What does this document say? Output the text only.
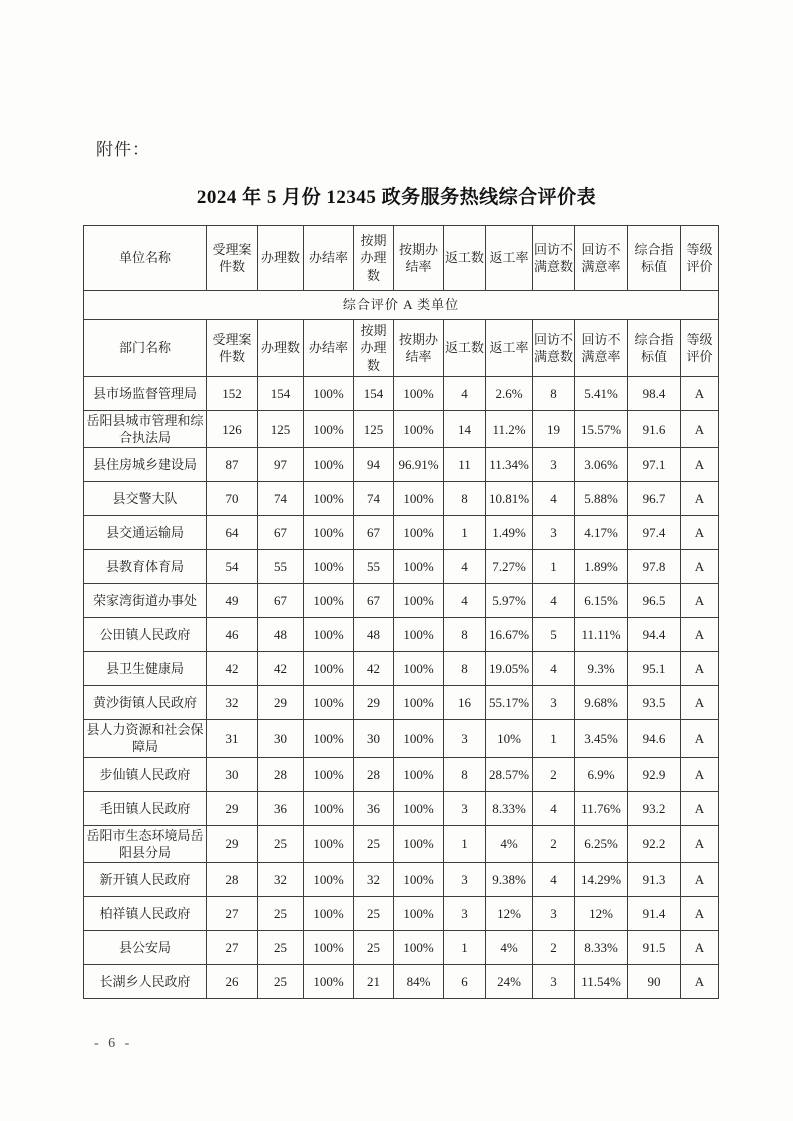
附件：
2024 年 5 月份 12345 政务服务热线综合评价表
单位名称	受理案件数	办理数	办结率	按期办理数	按期办结率	返工数	返工率	回访不满意数	回访不满意率	综合指标值	等级评价
综合评价 A 类单位											
部门名称	受理案件数	办理数	办结率	按期办理数	按期办结率	返工数	返工率	回访不满意数	回访不满意率	综合指标值	等级评价
县市场监督管理局	152	154	100%	154	100%	4	2.6%	8	5.41%	98.4	A
岳阳县城市管理和综合执法局	126	125	100%	125	100%	14	11.2%	19	15.57%	91.6	A
县住房城乡建设局	87	97	100%	94	96.91%	11	11.34%	3	3.06%	97.1	A
县交警大队	70	74	100%	74	100%	8	10.81%	4	5.88%	96.7	A
县交通运输局	64	67	100%	67	100%	1	1.49%	3	4.17%	97.4	A
县教育体育局	54	55	100%	55	100%	4	7.27%	1	1.89%	97.8	A
荣家湾街道办事处	49	67	100%	67	100%	4	5.97%	4	6.15%	96.5	A
公田镇人民政府	46	48	100%	48	100%	8	16.67%	5	11.11%	94.4	A
县卫生健康局	42	42	100%	42	100%	8	19.05%	4	9.3%	95.1	A
黄沙街镇人民政府	32	29	100%	29	100%	16	55.17%	3	9.68%	93.5	A
县人力资源和社会保障局	31	30	100%	30	100%	3	10%	1	3.45%	94.6	A
步仙镇人民政府	30	28	100%	28	100%	8	28.57%	2	6.9%	92.9	A
毛田镇人民政府	29	36	100%	36	100%	3	8.33%	4	11.76%	93.2	A
岳阳市生态环境局岳阳县分局	29	25	100%	25	100%	1	4%	2	6.25%	92.2	A
新开镇人民政府	28	32	100%	32	100%	3	9.38%	4	14.29%	91.3	A
柏祥镇人民政府	27	25	100%	25	100%	3	12%	3	12%	91.4	A
县公安局	27	25	100%	25	100%	1	4%	2	8.33%	91.5	A
长湖乡人民政府	26	25	100%	21	84%	6	24%	3	11.54%	90	A
- 6 -
